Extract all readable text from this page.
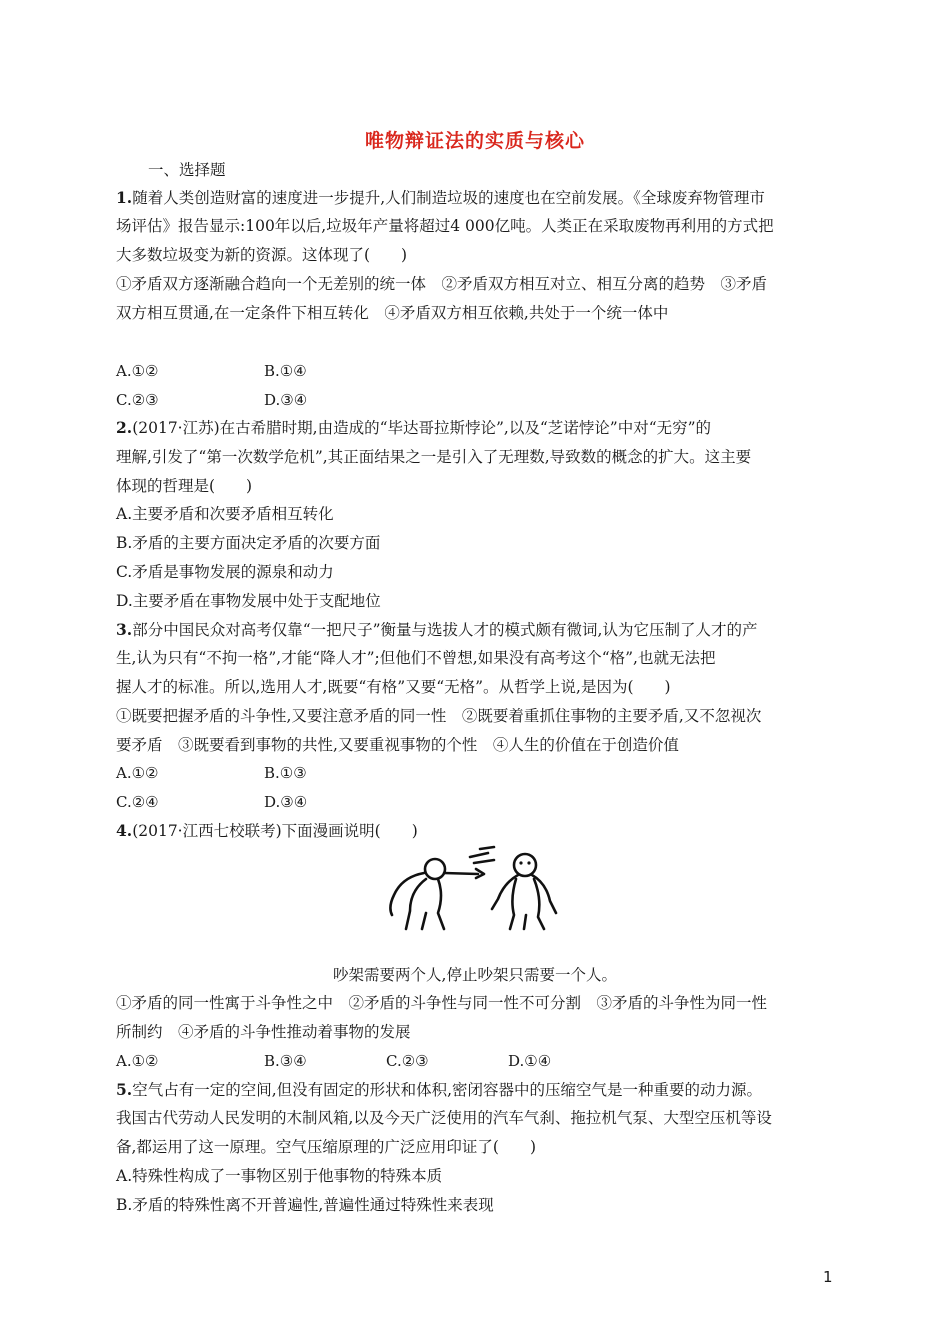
唯物辩证法的实质与核心
一、选择题
1.随着人类创造财富的速度进一步提升,人们制造垃圾的速度也在空前发展。《全球废弃物管理市
场评估》报告显示:100年以后,垃圾年产量将超过4 000亿吨。人类正在采取废物再利用的方式把
大多数垃圾变为新的资源。这体现了(　　)
①矛盾双方逐渐融合趋向一个无差别的统一体　②矛盾双方相互对立、相互分离的趋势　③矛盾
双方相互贯通,在一定条件下相互转化　④矛盾双方相互依赖,共处于一个统一体中
A.①②	B.①④
C.②③	D.③④
2.(2017·江苏)在古希腊时期,由造成的“毕达哥拉斯悖论”,以及“芝诺悖论”中对“无穷”的
理解,引发了“第一次数学危机”,其正面结果之一是引入了无理数,导致数的概念的扩大。这主要
体现的哲理是(　　)
A.主要矛盾和次要矛盾相互转化
B.矛盾的主要方面决定矛盾的次要方面
C.矛盾是事物发展的源泉和动力
D.主要矛盾在事物发展中处于支配地位
3.部分中国民众对高考仅靠“一把尺子”衡量与选拔人才的模式颇有微词,认为它压制了人才的产
生,认为只有“不拘一格”,才能“降人才”;但他们不曾想,如果没有高考这个“格”,也就无法把
握人才的标准。所以,选用人才,既要“有格”又要“无格”。从哲学上说,是因为(　　)
①既要把握矛盾的斗争性,又要注意矛盾的同一性　②既要着重抓住事物的主要矛盾,又不忽视次
要矛盾　③既要看到事物的共性,又要重视事物的个性　④人生的价值在于创造价值
A.①②	B.①③
C.②④	D.③④
4.(2017·江西七校联考)下面漫画说明(　　)
吵架需要两个人,停止吵架只需要一个人。
①矛盾的同一性寓于斗争性之中　②矛盾的斗争性与同一性不可分割　③矛盾的斗争性为同一性
所制约　④矛盾的斗争性推动着事物的发展
A.①②	B.③④	C.②③	D.①④
5.空气占有一定的空间,但没有固定的形状和体积,密闭容器中的压缩空气是一种重要的动力源。
我国古代劳动人民发明的木制风箱,以及今天广泛使用的汽车气刹、拖拉机气泵、大型空压机等设
备,都运用了这一原理。空气压缩原理的广泛应用印证了(　　)
A.特殊性构成了一事物区别于他事物的特殊本质
B.矛盾的特殊性离不开普遍性,普遍性通过特殊性来表现
1
